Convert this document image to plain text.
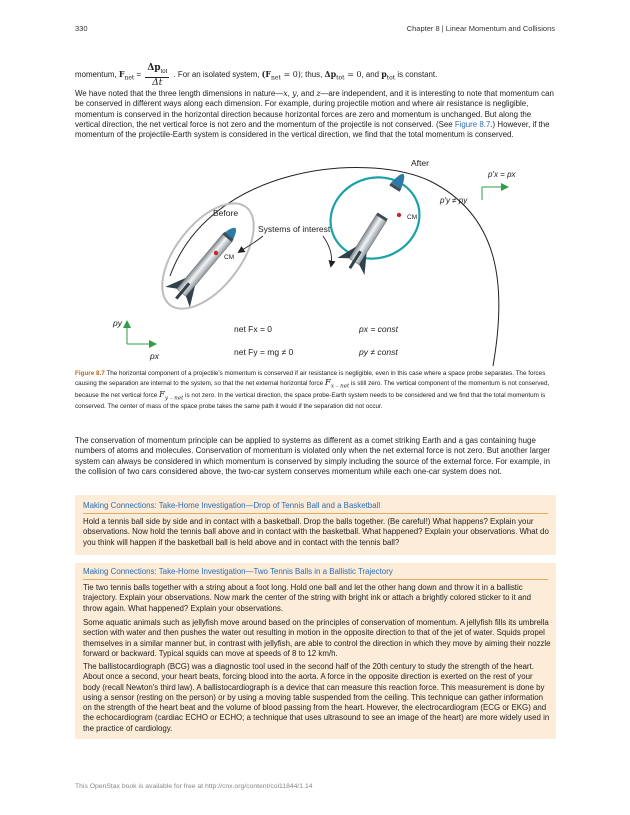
330	Chapter 8 | Linear Momentum and Collisions

momentum, $F_{net} = \frac{\Delta p_{tot}}{\Delta t}$ . For an isolated system, $(F_{net} = 0)$; thus, $\Delta p_{tot} = 0$, and $p_{tot}$ is constant.

We have noted that the three length dimensions in nature—x, y, and z—are independent, and it is interesting to note that momentum can be conserved in different ways along each dimension. For example, during projectile motion and where air resistance is negligible, momentum is conserved in the horizontal direction because horizontal forces are zero and momentum is unchanged. But along the vertical direction, the net vertical force is not zero and the momentum of the projectile is not conserved. (See Figure 8.7.) However, if the momentum of the projectile-Earth system is considered in the vertical direction, we find that the total momentum is conserved.

After
Before
Systems of interest
CM
CM
p′x = px
p′y ≠ py
py
px
net Fx = 0
net Fy = mg ≠ 0
px = const
py ≠ const

Figure 8.7 The horizontal component of a projectile's momentum is conserved if air resistance is negligible, even in this case where a space probe separates. The forces causing the separation are internal to the system, so that the net external horizontal force $F_{x - net}$ is still zero. The vertical component of the momentum is not conserved, because the net vertical force $F_{y - net}$ is not zero. In the vertical direction, the space probe-Earth system needs to be considered and we find that the total momentum is conserved. The center of mass of the space probe takes the same path it would if the separation did not occur.

The conservation of momentum principle can be applied to systems as different as a comet striking Earth and a gas containing huge numbers of atoms and molecules. Conservation of momentum is violated only when the net external force is not zero. But another larger system can always be considered in which momentum is conserved by simply including the source of the external force. For example, in the collision of two cars considered above, the two-car system conserves momentum while each one-car system does not.

Making Connections: Take-Home Investigation—Drop of Tennis Ball and a Basketball

Hold a tennis ball side by side and in contact with a basketball. Drop the balls together. (Be careful!) What happens? Explain your observations. Now hold the tennis ball above and in contact with the basketball. What happened? Explain your observations. What do you think will happen if the basketball ball is held above and in contact with the tennis ball?

Making Connections: Take-Home Investigation—Two Tennis Balls in a Ballistic Trajectory

Tie two tennis balls together with a string about a foot long. Hold one ball and let the other hang down and throw it in a ballistic trajectory. Explain your observations. Now mark the center of the string with bright ink or attach a brightly colored sticker to it and throw again. What happened? Explain your observations.

Some aquatic animals such as jellyfish move around based on the principles of conservation of momentum. A jellyfish fills its umbrella section with water and then pushes the water out resulting in motion in the opposite direction to that of the jet of water. Squids propel themselves in a similar manner but, in contrast with jellyfish, are able to control the direction in which they move by aiming their nozzle forward or backward. Typical squids can move at speeds of 8 to 12 km/h.

The ballistocardiograph (BCG) was a diagnostic tool used in the second half of the 20th century to study the strength of the heart. About once a second, your heart beats, forcing blood into the aorta. A force in the opposite direction is exerted on the rest of your body (recall Newton's third law). A ballistocardiograph is a device that can measure this reaction force. This measurement is done by using a sensor (resting on the person) or by using a moving table suspended from the ceiling. This technique can gather information on the strength of the heart beat and the volume of blood passing from the heart. However, the electrocardiogram (ECG or EKG) and the echocardiogram (cardiac ECHO or ECHO; a technique that uses ultrasound to see an image of the heart) are more widely used in the practice of cardiology.

This OpenStax book is available for free at http://cnx.org/content/col11844/1.14
